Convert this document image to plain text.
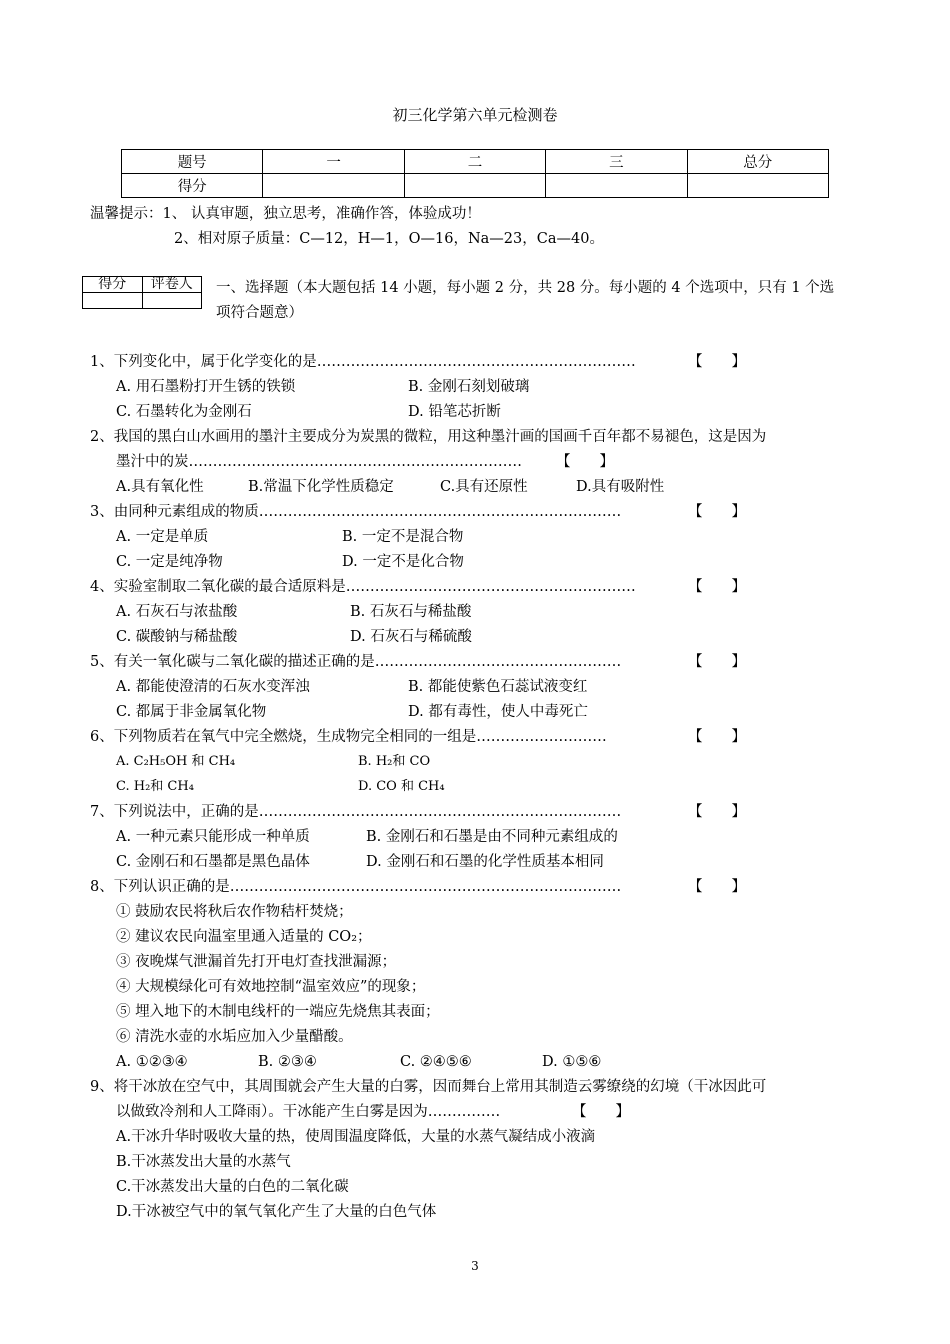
初三化学第六单元检测卷
题号	一	二	三	总分
得分				
温馨提示：1、 认真审题，独立思考，准确作答，体验成功！
2、相对原子质量：C—12，H—1，O—16，Na—23，Ca—40。
得分	评卷人
	一、选择题（本大题包括 14 小题，每小题 2 分，共 28 分。每小题的 4 个选项中，只有 1 个选
项符合题意）
1、下列变化中，属于化学变化的是…………………………………………………………	【　　】
A. 用石墨粉打开生锈的铁锁	B. 金刚石刻划破璃
C. 石墨转化为金刚石	D. 铅笔芯折断
2、我国的黑白山水画用的墨汁主要成分为炭黑的微粒，用这种墨汁画的国画千百年都不易褪色，这是因为
墨汁中的炭…………………………………………………………… 【　　】
A.具有氧化性	B.常温下化学性质稳定	C.具有还原性	D.具有吸附性
3、由同种元素组成的物质…………………………………………………………………	【　　】
A. 一定是单质	B. 一定不是混合物
C. 一定是纯净物	D. 一定不是化合物
4、实验室制取二氧化碳的最合适原料是……………………………………………………	【　　】
A. 石灰石与浓盐酸	B. 石灰石与稀盐酸
C. 碳酸钠与稀盐酸	D. 石灰石与稀硫酸
5、有关一氧化碳与二氧化碳的描述正确的是……………………………………………	【　　】
A. 都能使澄清的石灰水变浑浊	B. 都能使紫色石蕊试液变红
C. 都属于非金属氧化物	D. 都有毒性，使人中毒死亡
6、下列物质若在氧气中完全燃烧，生成物完全相同的一组是………………………	【　　】
A. C₂H₅OH 和 CH₄	B. H₂和 CO
C. H₂和 CH₄	D. CO 和 CH₄
7、下列说法中，正确的是…………………………………………………………………	【　　】
A. 一种元素只能形成一种单质	B. 金刚石和石墨是由不同种元素组成的
C. 金刚石和石墨都是黑色晶体	D. 金刚石和石墨的化学性质基本相同
8、下列认识正确的是………………………………………………………………………	【　　】
① 鼓励农民将秋后农作物秸杆焚烧；
② 建议农民向温室里通入适量的 CO₂；
③ 夜晚煤气泄漏首先打开电灯查找泄漏源；
④ 大规模绿化可有效地控制“温室效应”的现象；
⑤ 埋入地下的木制电线杆的一端应先烧焦其表面；
⑥ 清洗水壶的水垢应加入少量醋酸。
A. ①②③④	B. ②③④	C. ②④⑤⑥	D. ①⑤⑥
9、将干冰放在空气中，其周围就会产生大量的白雾，因而舞台上常用其制造云雾缭绕的幻境（干冰因此可
以做致冷剂和人工降雨）。干冰能产生白雾是因为……………	【　　】
A.干冰升华时吸收大量的热，使周围温度降低，大量的水蒸气凝结成小液滴
B.干冰蒸发出大量的水蒸气
C.干冰蒸发出大量的白色的二氧化碳
D.干冰被空气中的氧气氧化产生了大量的白色气体
3
